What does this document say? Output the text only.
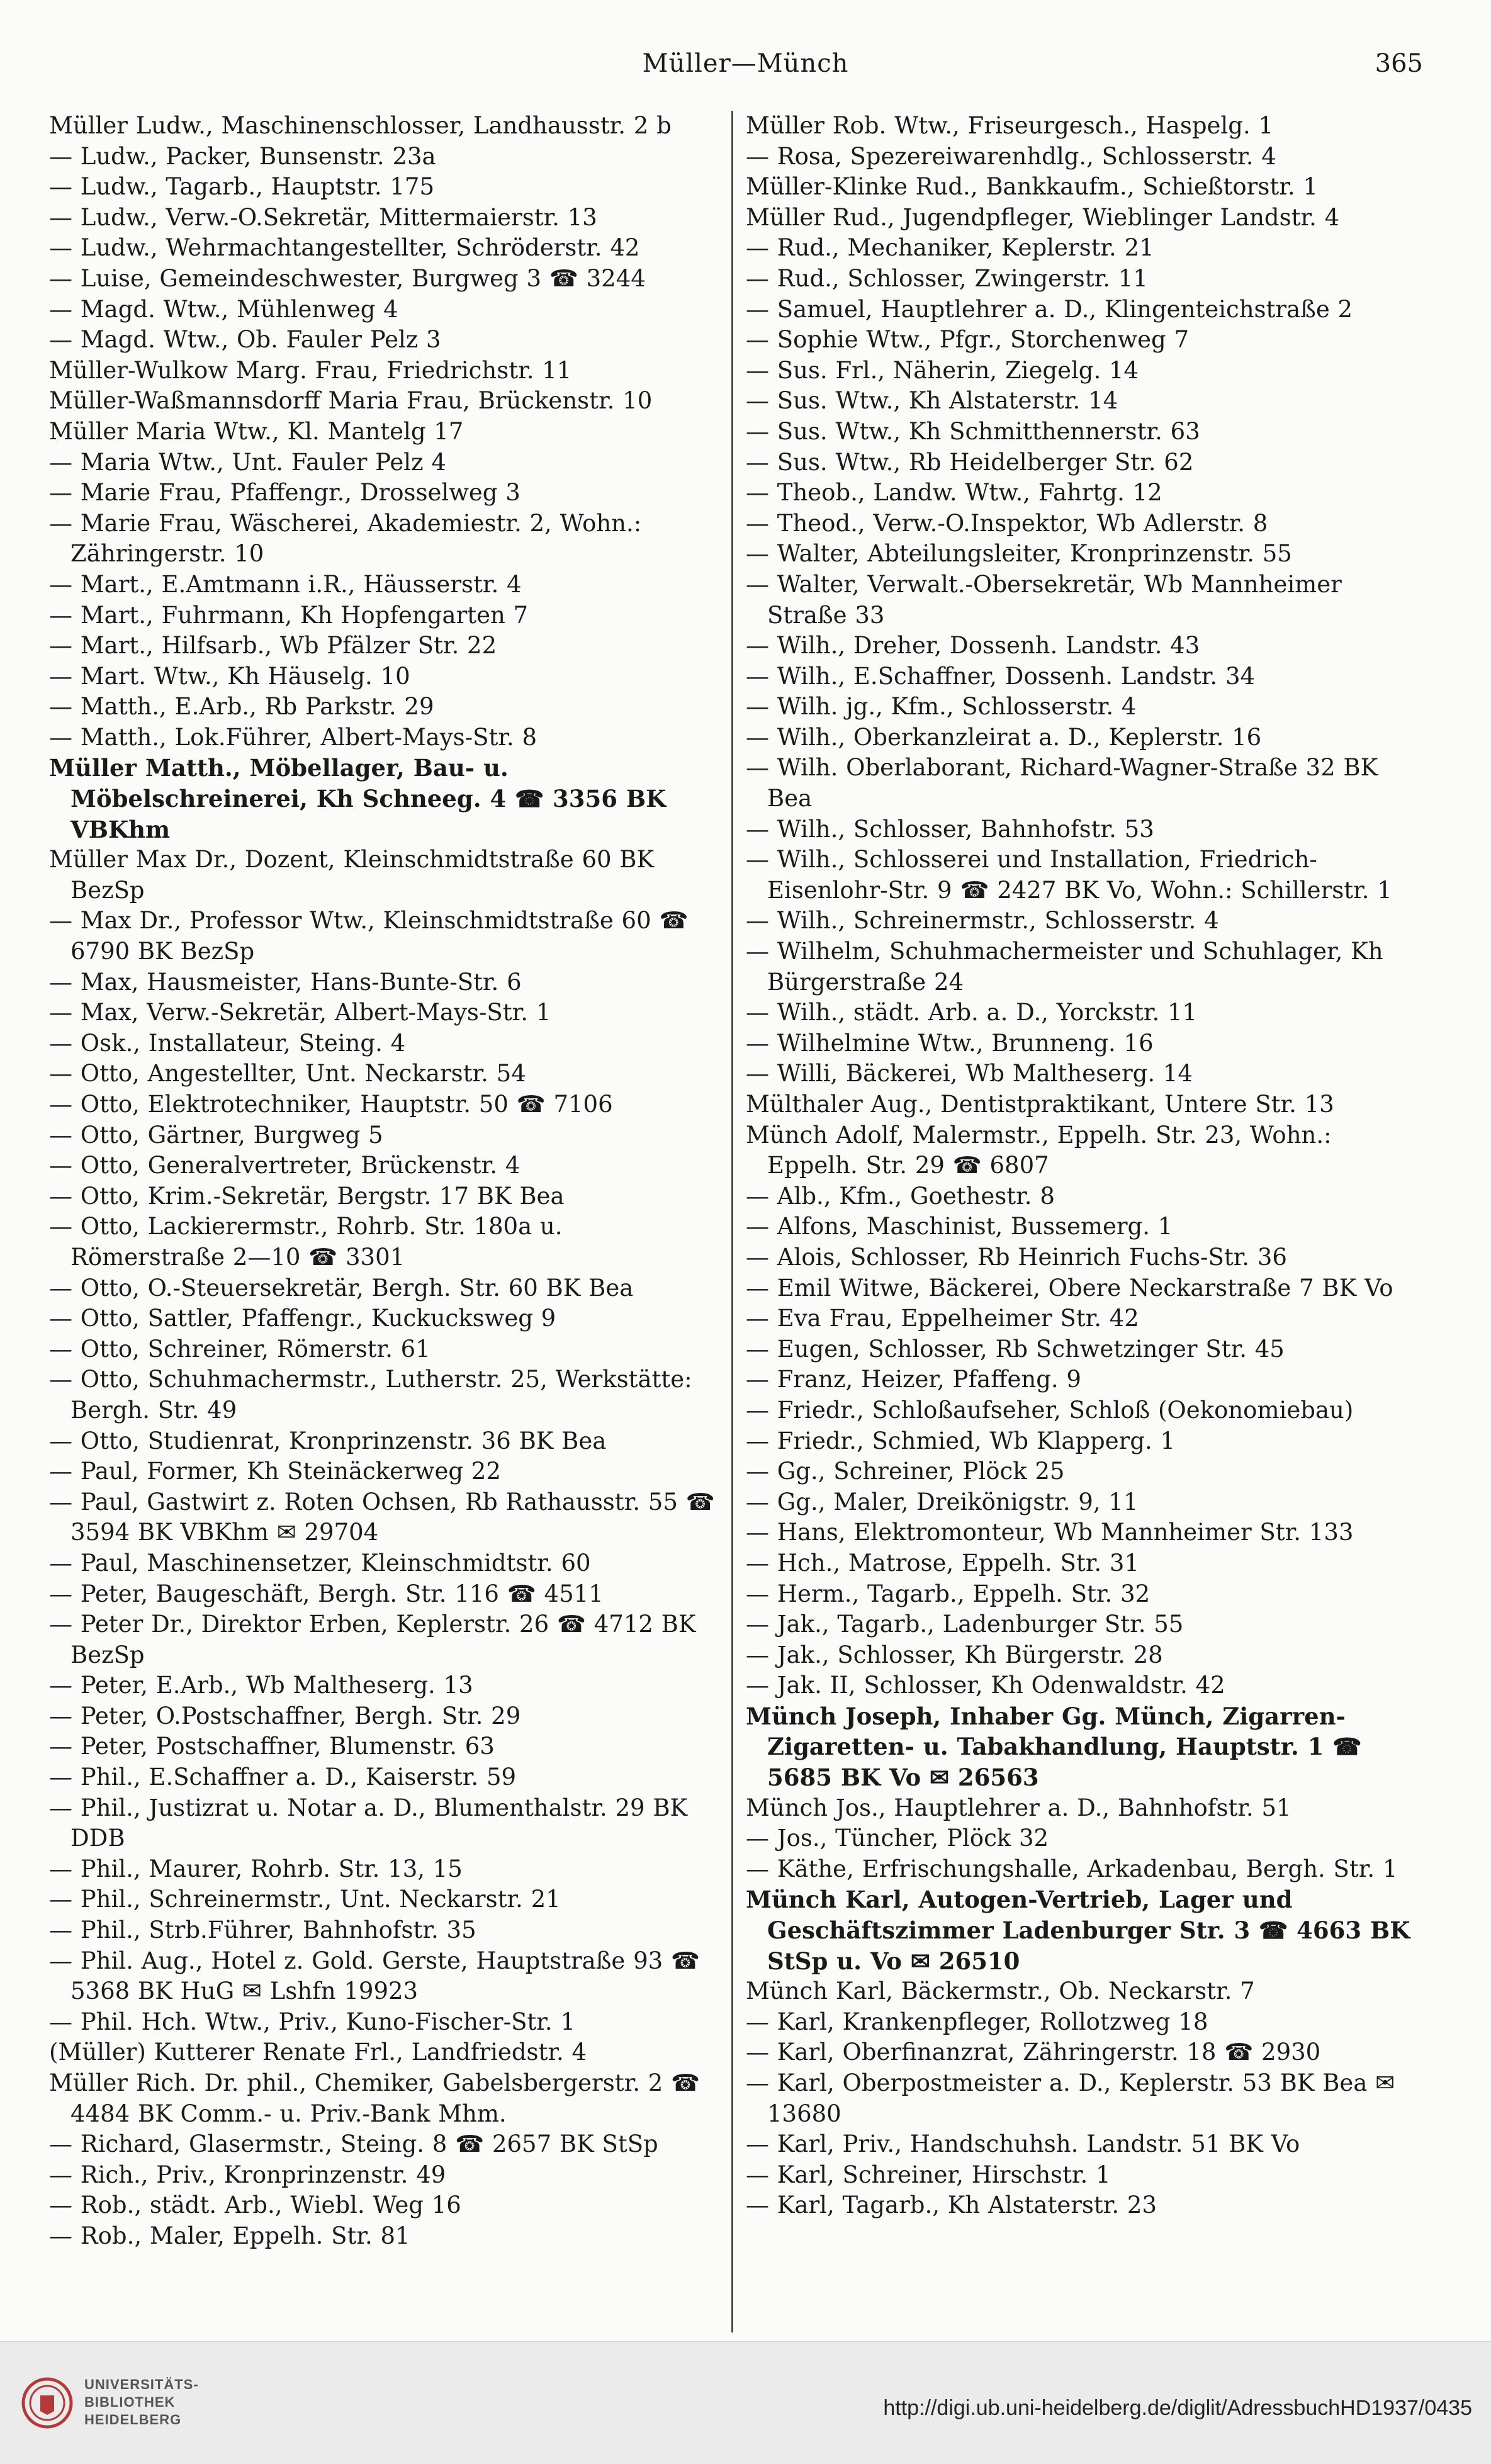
Müller—Münch	365
Müller Ludw., Maschinenschlosser, Landhausstr. 2 b
— Ludw., Packer, Bunsenstr. 23a
— Ludw., Tagarb., Hauptstr. 175
— Ludw., Verw.-O.Sekretär, Mittermaierstr. 13
— Ludw., Wehrmachtangestellter, Schröderstr. 42
— Luise, Gemeindeschwester, Burgweg 3 ☎ 3244
— Magd. Wtw., Mühlenweg 4
— Magd. Wtw., Ob. Fauler Pelz 3
Müller-Wulkow Marg. Frau, Friedrichstr. 11
Müller-Waßmannsdorff Maria Frau, Brückenstr. 10
Müller Maria Wtw., Kl. Mantelg 17
— Maria Wtw., Unt. Fauler Pelz 4
— Marie Frau, Pfaffengr., Drosselweg 3
— Marie Frau, Wäscherei, Akademiestr. 2, Wohn.: Zähringerstr. 10
— Mart., E.Amtmann i.R., Häusserstr. 4
— Mart., Fuhrmann, Kh Hopfengarten 7
— Mart., Hilfsarb., Wb Pfälzer Str. 22
— Mart. Wtw., Kh Häuselg. 10
— Matth., E.Arb., Rb Parkstr. 29
— Matth., Lok.Führer, Albert-Mays-Str. 8
Müller Matth., Möbellager, Bau- u. Möbelschreinerei, Kh Schneeg. 4 ☎ 3356 BK VBKhm
Müller Max Dr., Dozent, Kleinschmidtstraße 60 BK BezSp
— Max Dr., Professor Wtw., Kleinschmidtstraße 60 ☎ 6790 BK BezSp
— Max, Hausmeister, Hans-Bunte-Str. 6
— Max, Verw.-Sekretär, Albert-Mays-Str. 1
— Osk., Installateur, Steing. 4
— Otto, Angestellter, Unt. Neckarstr. 54
— Otto, Elektrotechniker, Hauptstr. 50 ☎ 7106
— Otto, Gärtner, Burgweg 5
— Otto, Generalvertreter, Brückenstr. 4
— Otto, Krim.-Sekretär, Bergstr. 17 BK Bea
— Otto, Lackierermstr., Rohrb. Str. 180a u. Römerstraße 2—10 ☎ 3301
— Otto, O.-Steuersekretär, Bergh. Str. 60 BK Bea
— Otto, Sattler, Pfaffengr., Kuckucksweg 9
— Otto, Schreiner, Römerstr. 61
— Otto, Schuhmachermstr., Lutherstr. 25, Werkstätte: Bergh. Str. 49
— Otto, Studienrat, Kronprinzenstr. 36 BK Bea
— Paul, Former, Kh Steinäckerweg 22
— Paul, Gastwirt z. Roten Ochsen, Rb Rathausstr. 55 ☎ 3594 BK VBKhm ✉ 29704
— Paul, Maschinensetzer, Kleinschmidtstr. 60
— Peter, Baugeschäft, Bergh. Str. 116 ☎ 4511
— Peter Dr., Direktor Erben, Keplerstr. 26 ☎ 4712 BK BezSp
— Peter, E.Arb., Wb Maltheserg. 13
— Peter, O.Postschaffner, Bergh. Str. 29
— Peter, Postschaffner, Blumenstr. 63
— Phil., E.Schaffner a. D., Kaiserstr. 59
— Phil., Justizrat u. Notar a. D., Blumenthalstr. 29 BK DDB
— Phil., Maurer, Rohrb. Str. 13, 15
— Phil., Schreinermstr., Unt. Neckarstr. 21
— Phil., Strb.Führer, Bahnhofstr. 35
— Phil. Aug., Hotel z. Gold. Gerste, Hauptstraße 93 ☎ 5368 BK HuG ✉ Lshfn 19923
— Phil. Hch. Wtw., Priv., Kuno-Fischer-Str. 1
(Müller) Kutterer Renate Frl., Landfriedstr. 4
Müller Rich. Dr. phil., Chemiker, Gabelsbergerstr. 2 ☎ 4484 BK Comm.- u. Priv.-Bank Mhm.
— Richard, Glasermstr., Steing. 8 ☎ 2657 BK StSp
— Rich., Priv., Kronprinzenstr. 49
— Rob., städt. Arb., Wiebl. Weg 16
— Rob., Maler, Eppelh. Str. 81
Müller Rob. Wtw., Friseurgesch., Haspelg. 1
— Rosa, Spezereiwarenhdlg., Schlosserstr. 4
Müller-Klinke Rud., Bankkaufm., Schießtorstr. 1
Müller Rud., Jugendpfleger, Wieblinger Landstr. 4
— Rud., Mechaniker, Keplerstr. 21
— Rud., Schlosser, Zwingerstr. 11
— Samuel, Hauptlehrer a. D., Klingenteichstraße 2
— Sophie Wtw., Pfgr., Storchenweg 7
— Sus. Frl., Näherin, Ziegelg. 14
— Sus. Wtw., Kh Alstaterstr. 14
— Sus. Wtw., Kh Schmitthennerstr. 63
— Sus. Wtw., Rb Heidelberger Str. 62
— Theob., Landw. Wtw., Fahrtg. 12
— Theod., Verw.-O.Inspektor, Wb Adlerstr. 8
— Walter, Abteilungsleiter, Kronprinzenstr. 55
— Walter, Verwalt.-Obersekretär, Wb Mannheimer Straße 33
— Wilh., Dreher, Dossenh. Landstr. 43
— Wilh., E.Schaffner, Dossenh. Landstr. 34
— Wilh. jg., Kfm., Schlosserstr. 4
— Wilh., Oberkanzleirat a. D., Keplerstr. 16
— Wilh. Oberlaborant, Richard-Wagner-Straße 32 BK Bea
— Wilh., Schlosser, Bahnhofstr. 53
— Wilh., Schlosserei und Installation, Friedrich-Eisenlohr-Str. 9 ☎ 2427 BK Vo, Wohn.: Schillerstr. 1
— Wilh., Schreinermstr., Schlosserstr. 4
— Wilhelm, Schuhmachermeister und Schuhlager, Kh Bürgerstraße 24
— Wilh., städt. Arb. a. D., Yorckstr. 11
— Wilhelmine Wtw., Brunneng. 16
— Willi, Bäckerei, Wb Maltheserg. 14
Mülthaler Aug., Dentistpraktikant, Untere Str. 13
Münch Adolf, Malermstr., Eppelh. Str. 23, Wohn.: Eppelh. Str. 29 ☎ 6807
— Alb., Kfm., Goethestr. 8
— Alfons, Maschinist, Bussemerg. 1
— Alois, Schlosser, Rb Heinrich Fuchs-Str. 36
— Emil Witwe, Bäckerei, Obere Neckarstraße 7 BK Vo
— Eva Frau, Eppelheimer Str. 42
— Eugen, Schlosser, Rb Schwetzinger Str. 45
— Franz, Heizer, Pfaffeng. 9
— Friedr., Schloßaufseher, Schloß (Oekonomiebau)
— Friedr., Schmied, Wb Klapperg. 1
— Gg., Schreiner, Plöck 25
— Gg., Maler, Dreikönigstr. 9, 11
— Hans, Elektromonteur, Wb Mannheimer Str. 133
— Hch., Matrose, Eppelh. Str. 31
— Herm., Tagarb., Eppelh. Str. 32
— Jak., Tagarb., Ladenburger Str. 55
— Jak., Schlosser, Kh Bürgerstr. 28
— Jak. II, Schlosser, Kh Odenwaldstr. 42
Münch Joseph, Inhaber Gg. Münch, Zigarren- Zigaretten- u. Tabakhandlung, Hauptstr. 1 ☎ 5685 BK Vo ✉ 26563
Münch Jos., Hauptlehrer a. D., Bahnhofstr. 51
— Jos., Tüncher, Plöck 32
— Käthe, Erfrischungshalle, Arkadenbau, Bergh. Str. 1
Münch Karl, Autogen-Vertrieb, Lager und Geschäftszimmer Ladenburger Str. 3 ☎ 4663 BK StSp u. Vo ✉ 26510
Münch Karl, Bäckermstr., Ob. Neckarstr. 7
— Karl, Krankenpfleger, Rollotzweg 18
— Karl, Oberfinanzrat, Zähringerstr. 18 ☎ 2930
— Karl, Oberpostmeister a. D., Keplerstr. 53 BK Bea ✉ 13680
— Karl, Priv., Handschuhsh. Landstr. 51 BK Vo
— Karl, Schreiner, Hirschstr. 1
— Karl, Tagarb., Kh Alstaterstr. 23
UNIVERSITÄTS-
BIBLIOTHEK
HEIDELBERG	http://digi.ub.uni-heidelberg.de/diglit/AdressbuchHD1937/0435
